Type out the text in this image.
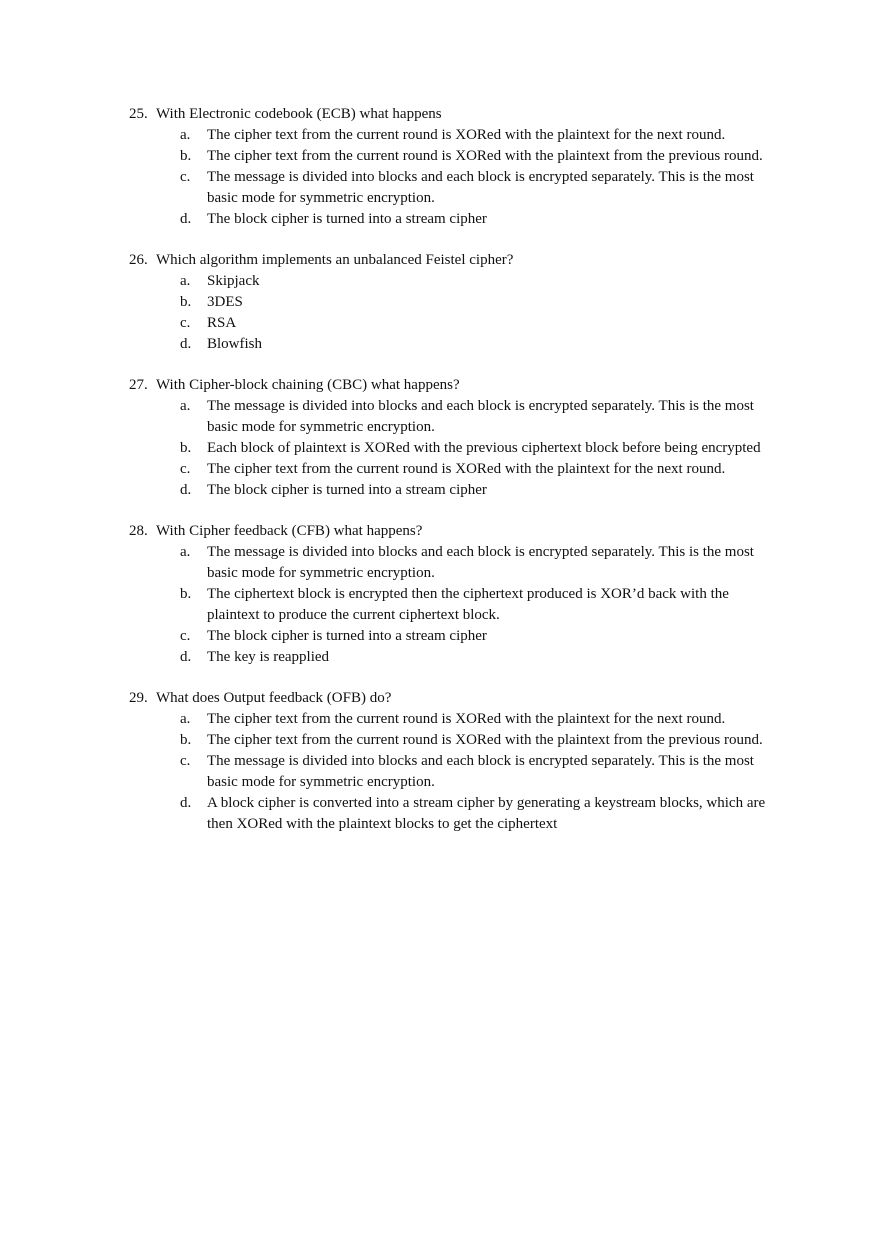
25. With Electronic codebook (ECB) what happens
a.	The cipher text from the current round is XORed with the plaintext for the next round.
b.	The cipher text from the current round is XORed with the plaintext from the previous round.
c.	The message is divided into blocks and each block is encrypted separately. This is the most basic mode for symmetric encryption.
d.	The block cipher is turned into a stream cipher
26. Which algorithm implements an unbalanced Feistel cipher?
a.	Skipjack
b.	3DES
c.	RSA
d.	Blowfish
27. With Cipher-block chaining (CBC) what happens?
a.	The message is divided into blocks and each block is encrypted separately. This is the most basic mode for symmetric encryption.
b.	Each block of plaintext is XORed with the previous ciphertext block before being encrypted
c.	The cipher text from the current round is XORed with the plaintext for the next round.
d.	The block cipher is turned into a stream cipher
28. With Cipher feedback (CFB) what happens?
a.	The message is divided into blocks and each block is encrypted separately. This is the most basic mode for symmetric encryption.
b.	The ciphertext block is encrypted then the ciphertext produced is XOR’d back with the plaintext to produce the current ciphertext block.
c.	The block cipher is turned into a stream cipher
d.	The key is reapplied
29. What does Output feedback (OFB) do?
a.	The cipher text from the current round is XORed with the plaintext for the next round.
b.	The cipher text from the current round is XORed with the plaintext from the previous round.
c.	The message is divided into blocks and each block is encrypted separately. This is the most basic mode for symmetric encryption.
d.	A block cipher is converted into a stream cipher by generating a keystream blocks, which are then XORed with the plaintext blocks to get the ciphertext
